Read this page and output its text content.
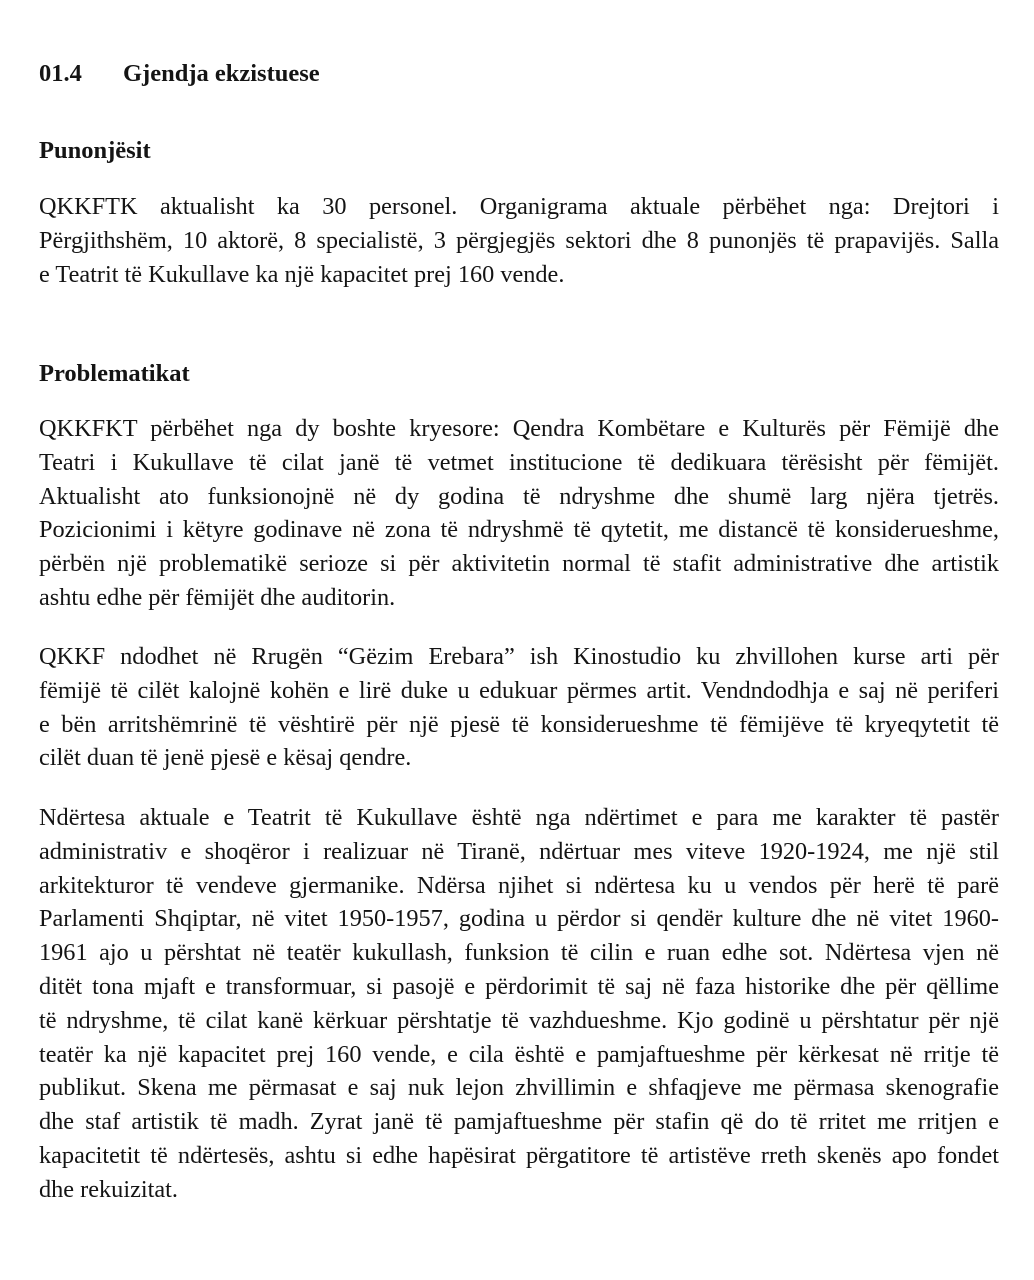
01.4 Gjendja ekzistuese
Punonjësit
QKKFTK aktualisht ka 30 personel. Organigrama aktuale përbëhet nga: Drejtori i
Përgjithshëm, 10 aktorë, 8 specialistë, 3 përgjegjës sektori dhe 8 punonjës të prapavijës. Salla
e Teatrit të Kukullave ka një kapacitet prej 160 vende.
Problematikat
QKKFKT përbëhet nga dy boshte kryesore: Qendra Kombëtare e Kulturës për Fëmijë dhe
Teatri i Kukullave të cilat janë të vetmet institucione të dedikuara tërësisht për fëmijët.
Aktualisht ato funksionojnë në dy godina të ndryshme dhe shumë larg njëra tjetrës.
Pozicionimi i këtyre godinave në zona të ndryshmë të qytetit, me distancë të konsiderueshme,
përbën një problematikë serioze si për aktivitetin normal të stafit administrative dhe artistik
ashtu edhe për fëmijët dhe auditorin.
QKKF ndodhet në Rrugën “Gëzim Erebara” ish Kinostudio ku zhvillohen kurse arti për
fëmijë të cilët kalojnë kohën e lirë duke u edukuar përmes artit. Vendndodhja e saj në periferi
e bën arritshëmrinë të vështirë për një pjesë të konsiderueshme të fëmijëve të kryeqytetit të
cilët duan të jenë pjesë e kësaj qendre.
Ndërtesa aktuale e Teatrit të Kukullave është nga ndërtimet e para me karakter të pastër
administrativ e shoqëror i realizuar në Tiranë, ndërtuar mes viteve 1920-1924, me një stil
arkitekturor të vendeve gjermanike. Ndërsa njihet si ndërtesa ku u vendos për herë të parë
Parlamenti Shqiptar, në vitet 1950-1957, godina u përdor si qendër kulture dhe në vitet 1960-
1961 ajo u përshtat në teatër kukullash, funksion të cilin e ruan edhe sot. Ndërtesa vjen në
ditët tona mjaft e transformuar, si pasojë e përdorimit të saj në faza historike dhe për qëllime
të ndryshme, të cilat kanë kërkuar përshtatje të vazhdueshme. Kjo godinë u përshtatur për një
teatër ka një kapacitet prej 160 vende, e cila është e pamjaftueshme për kërkesat në rritje të
publikut. Skena me përmasat e saj nuk lejon zhvillimin e shfaqjeve me përmasa skenografie
dhe staf artistik të madh. Zyrat janë të pamjaftueshme për stafin që do të rritet me rritjen e
kapacitetit të ndërtesës, ashtu si edhe hapësirat përgatitore të artistëve rreth skenës apo fondet
dhe rekuizitat.
